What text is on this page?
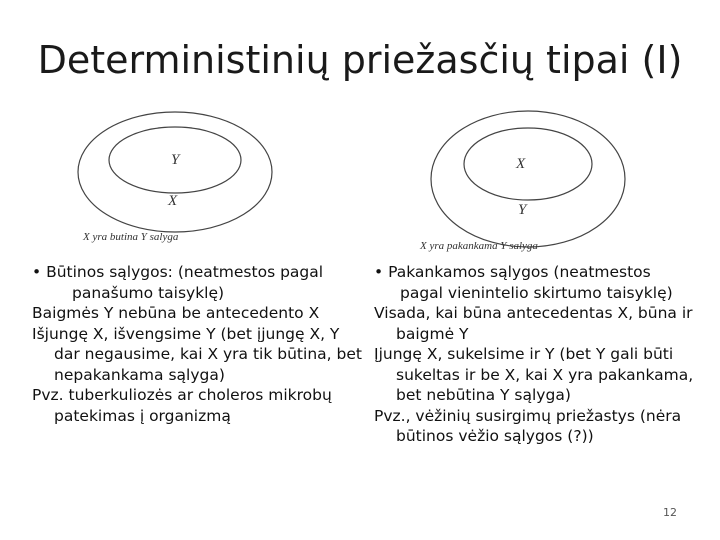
Deterministinių priežasčių tipai (I)
Y
X
X yra butina Y salyga
X
Y
X yra pakankama Y salyga

• Būtinos sąlygos: (neatmestos pagal panašumo taisyklę)

Baigmės Y nebūna be antecedento X

Išjungę X, išvengsime Y (bet įjungę X, Y dar negausime, kai X yra tik būtina, bet nepakankama sąlyga)

Pvz. tuberkuliozės ar choleros mikrobų patekimas į organizmą

• Pakankamos sąlygos (neatmestos pagal vienintelio skirtumo taisyklę)

Visada, kai būna antecedentas X, būna ir baigmė Y

Įjungę X, sukelsime ir Y (bet Y gali būti sukeltas ir be X, kai X yra pakankama, bet nebūtina Y sąlyga)

Pvz., vėžinių susirgimų priežastys (nėra būtinos vėžio sąlygos (?))

12
